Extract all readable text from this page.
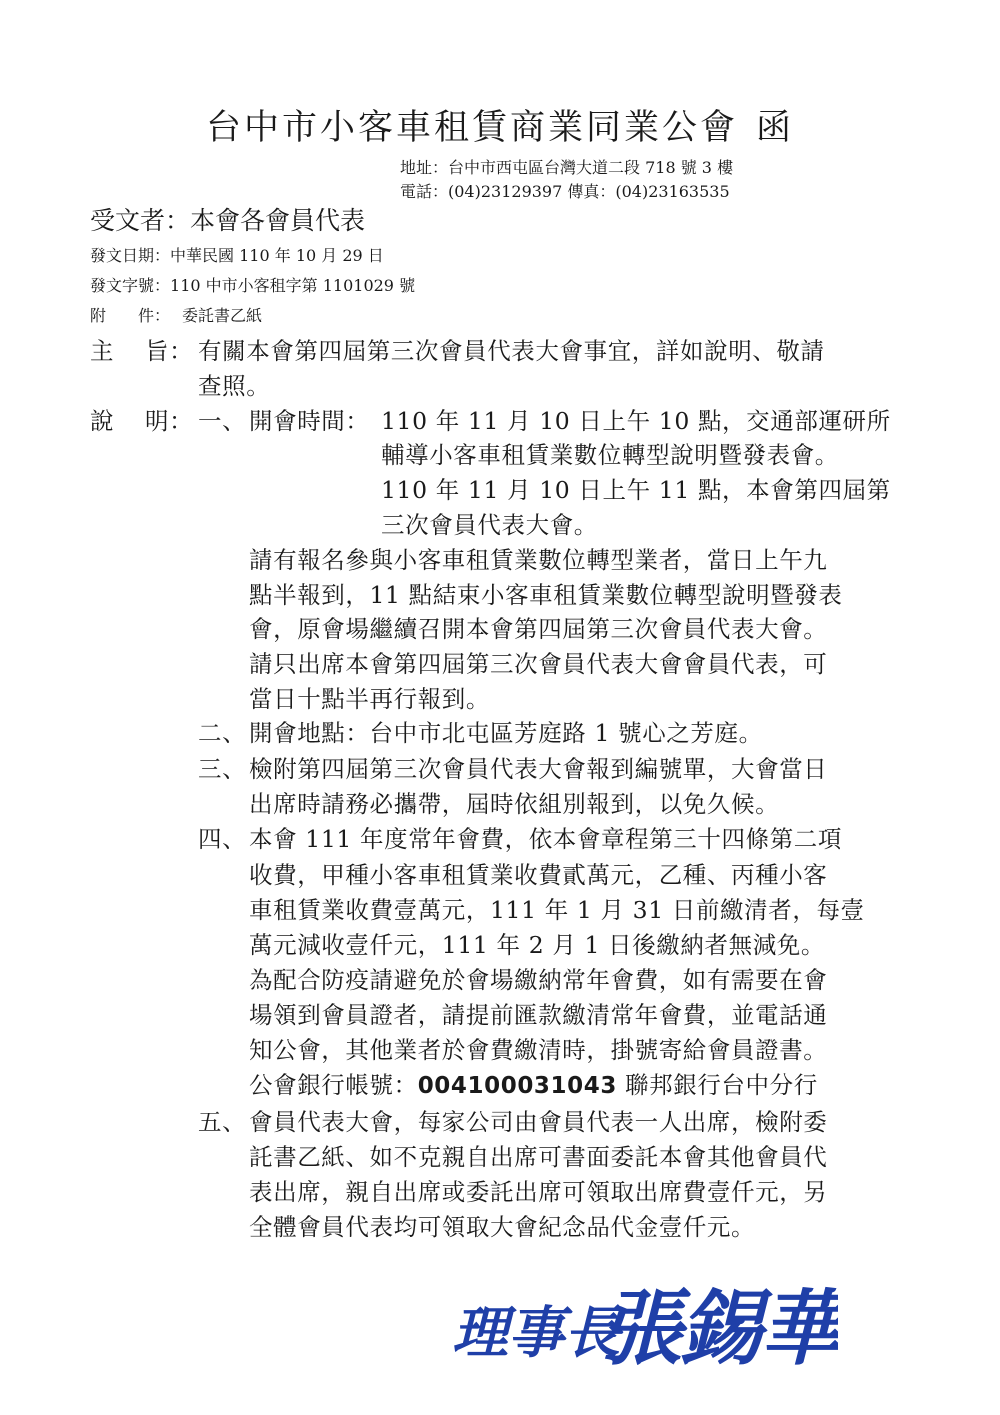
台中市小客車租賃商業同業公會 函
地址：台中市西屯區台灣大道二段 718 號 3 樓
電話：(04)23129397 傳真：(04)23163535
受文者：本會各會員代表
發文日期：中華民國 110 年 10 月 29 日
發文字號：110 中市小客租字第 1101029 號
附　　件： 委託書乙紙
主 旨： 有關本會第四屆第三次會員代表大會事宜，詳如說明、敬請
查照。
說 明： 一、 開會時間： 110 年 11 月 10 日上午 10 點，交通部運研所
輔導小客車租賃業數位轉型說明暨發表會。
110 年 11 月 10 日上午 11 點，本會第四屆第
三次會員代表大會。
請有報名參與小客車租賃業數位轉型業者，當日上午九
點半報到，11 點結束小客車租賃業數位轉型說明暨發表
會，原會場繼續召開本會第四屆第三次會員代表大會。
請只出席本會第四屆第三次會員代表大會會員代表，可
當日十點半再行報到。
二、 開會地點：台中市北屯區芳庭路 1 號心之芳庭。
三、 檢附第四屆第三次會員代表大會報到編號單，大會當日
出席時請務必攜帶，屆時依組別報到，以免久候。
四、 本會 111 年度常年會費，依本會章程第三十四條第二項
收費，甲種小客車租賃業收費貳萬元，乙種、丙種小客
車租賃業收費壹萬元，111 年 1 月 31 日前繳清者，每壹
萬元減收壹仟元，111 年 2 月 1 日後繳納者無減免。
為配合防疫請避免於會場繳納常年會費，如有需要在會
場領到會員證者，請提前匯款繳清常年會費，並電話通
知公會，其他業者於會費繳清時，掛號寄給會員證書。
公會銀行帳號：004100031043 聯邦銀行台中分行
五、 會員代表大會，每家公司由會員代表一人出席，檢附委
託書乙紙、如不克親自出席可書面委託本會其他會員代
表出席，親自出席或委託出席可領取出席費壹仟元，另
全體會員代表均可領取大會紀念品代金壹仟元。
理事長
張錫華
